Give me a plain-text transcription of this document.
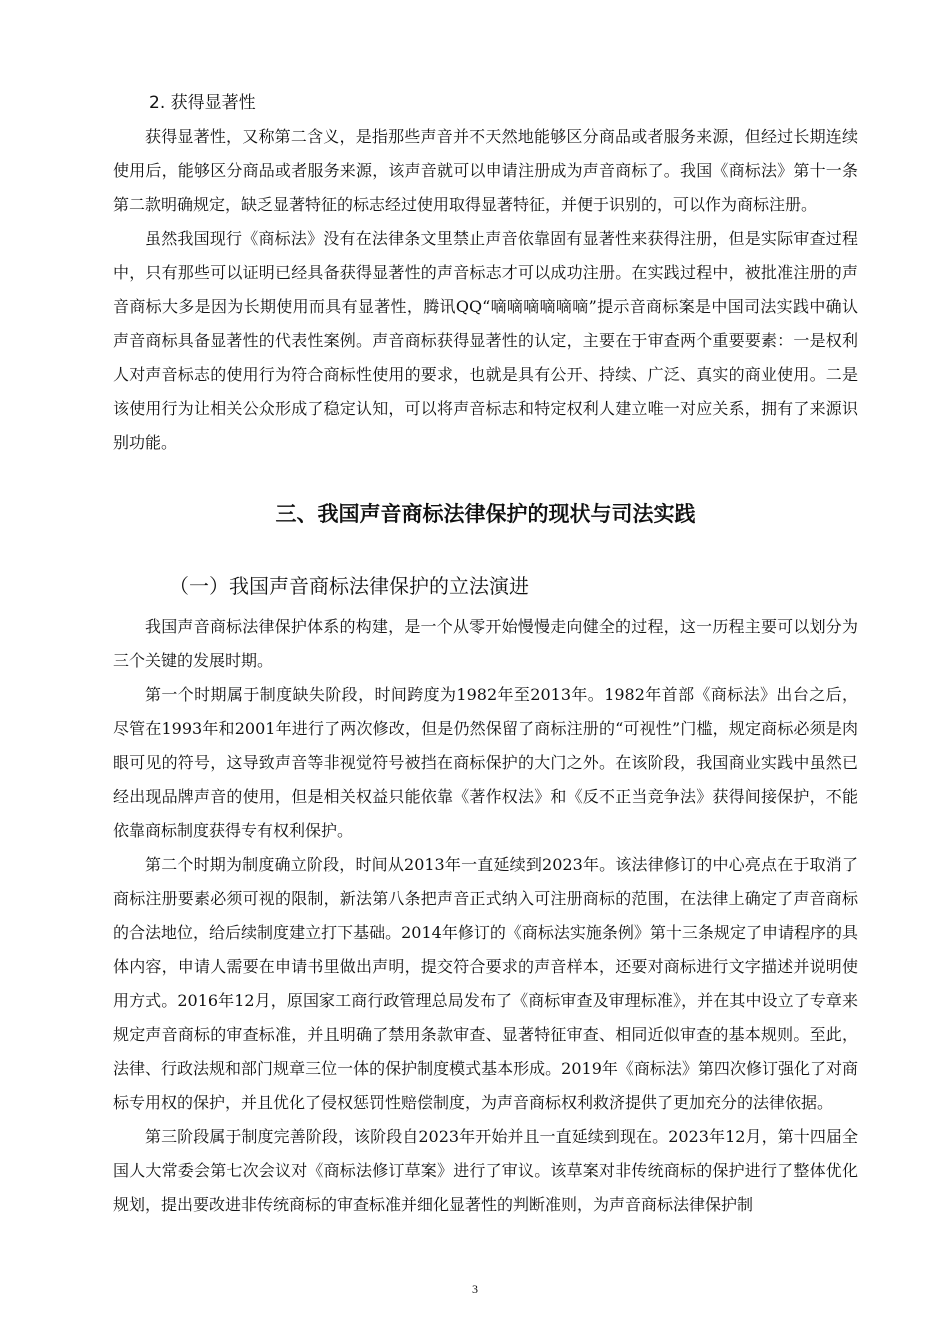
2. 获得显著性

获得显著性，又称第二含义，是指那些声音并不天然地能够区分商品或者服务来源，但经过长期连续使用后，能够区分商品或者服务来源，该声音就可以申请注册成为声音商标了。我国《商标法》第十一条第二款明确规定，缺乏显著特征的标志经过使用取得显著特征，并便于识别的，可以作为商标注册。

虽然我国现行《商标法》没有在法律条文里禁止声音依靠固有显著性来获得注册，但是实际审查过程中，只有那些可以证明已经具备获得显著性的声音标志才可以成功注册。在实践过程中，被批准注册的声音商标大多是因为长期使用而具有显著性，腾讯QQ“嘀嘀嘀嘀嘀嘀”提示音商标案是中国司法实践中确认声音商标具备显著性的代表性案例。声音商标获得显著性的认定，主要在于审查两个重要要素：一是权利人对声音标志的使用行为符合商标性使用的要求，也就是具有公开、持续、广泛、真实的商业使用。二是该使用行为让相关公众形成了稳定认知，可以将声音标志和特定权利人建立唯一对应关系，拥有了来源识别功能。

三、我国声音商标法律保护的现状与司法实践
（一）我国声音商标法律保护的立法演进

我国声音商标法律保护体系的构建，是一个从零开始慢慢走向健全的过程，这一历程主要可以划分为三个关键的发展时期。

第一个时期属于制度缺失阶段，时间跨度为1982年至2013年。1982年首部《商标法》出台之后，尽管在1993年和2001年进行了两次修改，但是仍然保留了商标注册的“可视性”门槛，规定商标必须是肉眼可见的符号，这导致声音等非视觉符号被挡在商标保护的大门之外。在该阶段，我国商业实践中虽然已经出现品牌声音的使用，但是相关权益只能依靠《著作权法》和《反不正当竞争法》获得间接保护，不能依靠商标制度获得专有权利保护。

第二个时期为制度确立阶段，时间从2013年一直延续到2023年。该法律修订的中心亮点在于取消了商标注册要素必须可视的限制，新法第八条把声音正式纳入可注册商标的范围，在法律上确定了声音商标的合法地位，给后续制度建立打下基础。2014年修订的《商标法实施条例》第十三条规定了申请程序的具体内容，申请人需要在申请书里做出声明，提交符合要求的声音样本，还要对商标进行文字描述并说明使用方式。2016年12月，原国家工商行政管理总局发布了《商标审查及审理标准》，并在其中设立了专章来规定声音商标的审查标准，并且明确了禁用条款审查、显著特征审查、相同近似审查的基本规则。至此，法律、行政法规和部门规章三位一体的保护制度模式基本形成。2019年《商标法》第四次修订强化了对商标专用权的保护，并且优化了侵权惩罚性赔偿制度，为声音商标权利救济提供了更加充分的法律依据。

第三阶段属于制度完善阶段，该阶段自2023年开始并且一直延续到现在。2023年12月，第十四届全国人大常委会第七次会议对《商标法修订草案》进行了审议。该草案对非传统商标的保护进行了整体优化规划，提出要改进非传统商标的审查标准并细化显著性的判断准则，为声音商标法律保护制

3
